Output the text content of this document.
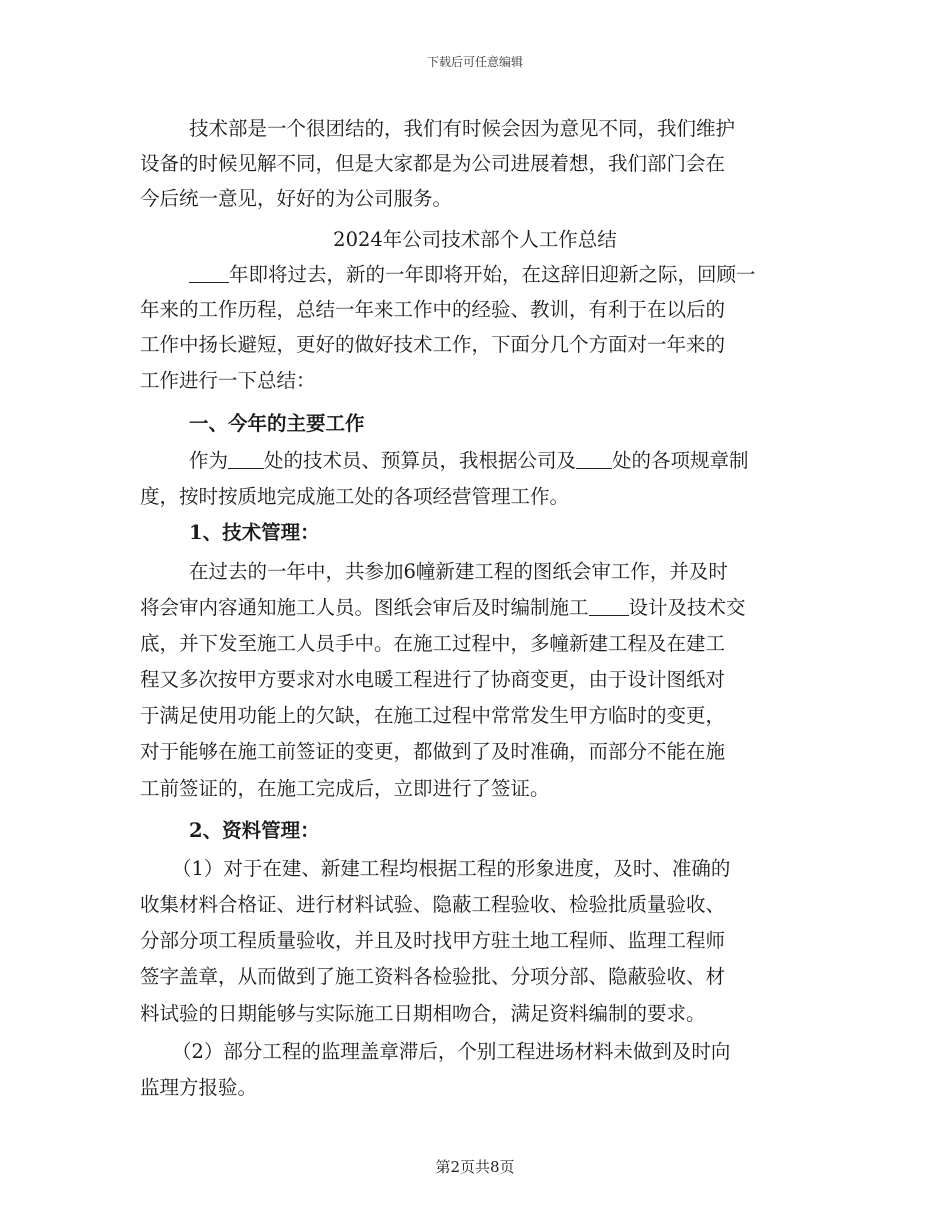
下载后可任意编辑
技术部是一个很团结的，我们有时候会因为意见不同，我们维护
设备的时候见解不同，但是大家都是为公司进展着想，我们部门会在
今后统一意见，好好的为公司服务。
2024年公司技术部个人工作总结
年即将过去，新的一年即将开始，在这辞旧迎新之际，回顾一
年来的工作历程，总结一年来工作中的经验、教训，有利于在以后的
工作中扬长避短，更好的做好技术工作，下面分几个方面对一年来的
工作进行一下总结：
一、今年的主要工作
作为 处的技术员、预算员，我根据公司及 处的各项规章制
度，按时按质地完成施工处的各项经营管理工作。
1、技术管理：
在过去的一年中，共参加6幢新建工程的图纸会审工作，并及时
将会审内容通知施工人员。图纸会审后及时编制施工 设计及技术交
底，并下发至施工人员手中。在施工过程中，多幢新建工程及在建工
程又多次按甲方要求对水电暖工程进行了协商变更，由于设计图纸对
于满足使用功能上的欠缺，在施工过程中常常发生甲方临时的变更，
对于能够在施工前签证的变更，都做到了及时准确，而部分不能在施
工前签证的，在施工完成后，立即进行了签证。
2、资料管理：
（1）对于在建、新建工程均根据工程的形象进度，及时、准确的
收集材料合格证、进行材料试验、隐蔽工程验收、检验批质量验收、
分部分项工程质量验收，并且及时找甲方驻土地工程师、监理工程师
签字盖章，从而做到了施工资料各检验批、分项分部、隐蔽验收、材
料试验的日期能够与实际施工日期相吻合，满足资料编制的要求。
（2）部分工程的监理盖章滞后，个别工程进场材料未做到及时向
监理方报验。
第2页共8页
